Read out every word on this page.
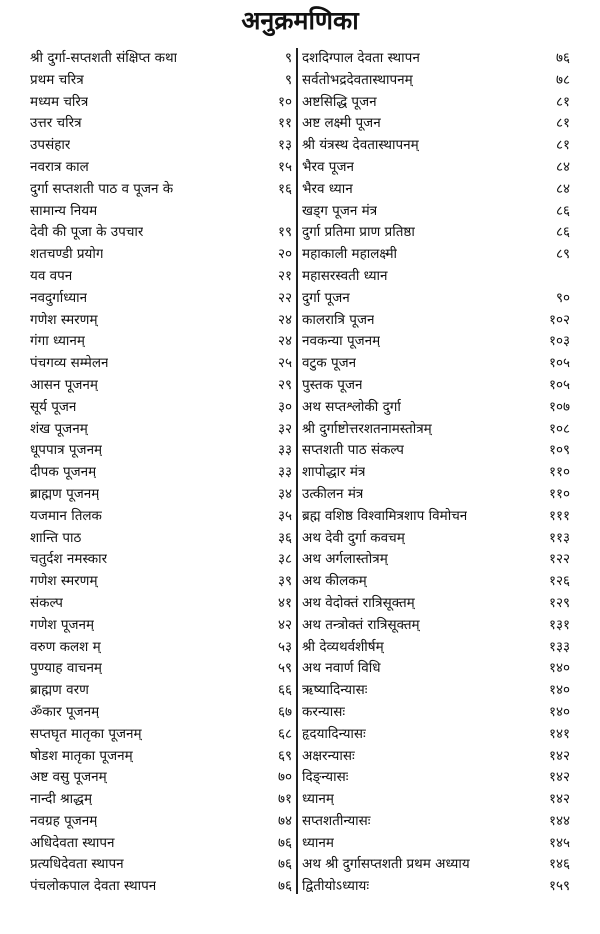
अनुक्रमणिका
श्री दुर्गा-सप्तशती संक्षिप्त कथा	९
प्रथम चरित्र	९
मध्यम चरित्र	१०
उत्तर चरित्र	११
उपसंहार	१३
नवरात्र काल	१५
दुर्गा सप्तशती पाठ व पूजन के	१६
सामान्य नियम
देवी की पूजा के उपचार	१९
शतचण्डी प्रयोग	२०
यव वपन	२१
नवदुर्गाध्यान	२२
गणेश स्मरणम्	२४
गंगा ध्यानम्	२४
पंचगव्य सम्मेलन	२५
आसन पूजनम्	२९
सूर्य पूजन	३०
शंख पूजनम्	३२
धूपपात्र पूजनम्	३३
दीपक पूजनम्	३३
ब्राह्मण पूजनम्	३४
यजमान तिलक	३५
शान्ति पाठ	३६
चतुर्दश नमस्कार	३८
गणेश स्मरणम्	३९
संकल्प	४१
गणेश पूजनम्	४२
वरुण कलश म्	५३
पुण्याह वाचनम्	५९
ब्राह्मण वरण	६६
ॐकार पूजनम्	६७
सप्तघृत मातृका पूजनम्	६८
षोडश मातृका पूजनम्	६९
अष्ट वसु पूजनम्	७०
नान्दी श्राद्धम्	७१
नवग्रह पूजनम्	७४
अधिदेवता स्थापन	७६
प्रत्यधिदेवता स्थापन	७६
पंचलोकपाल देवता स्थापन	७६
दशदिग्पाल देवता स्थापन	७६
सर्वतोभद्रदेवतास्थापनम्	७८
अष्टसिद्धि पूजन	८१
अष्ट लक्ष्मी पूजन	८१
श्री यंत्रस्थ देवतास्थापनम्	८१
भैरव पूजन	८४
भैरव ध्यान	८४
खड्ग पूजन मंत्र	८६
दुर्गा प्रतिमा प्राण प्रतिष्ठा	८६
महाकाली महालक्ष्मी	८९
महासरस्वती ध्यान
दुर्गा पूजन	९०
कालरात्रि पूजन	१०२
नवकन्या पूजनम्	१०३
वटुक पूजन	१०५
पुस्तक पूजन	१०५
अथ सप्तश्लोकी दुर्गा	१०७
श्री दुर्गाष्टोत्तरशतनामस्तोत्रम्	१०८
सप्तशती पाठ संकल्प	१०९
शापोद्धार मंत्र	११०
उत्कीलन मंत्र	११०
ब्रह्म वशिष्ठ विश्वामित्रशाप विमोचन	१११
अथ देवी दुर्गा कवचम्	११३
अथ अर्गलास्तोत्रम्	१२२
अथ कीलकम्	१२६
अथ वेदोक्तं रात्रिसूक्तम्	१२९
अथ तन्त्रोक्तं रात्रिसूक्तम्	१३१
श्री देव्यथर्वशीर्षम्	१३३
अथ नवार्ण विधि	१४०
ऋष्यादिन्यासः	१४०
करन्यासः	१४०
हृदयादिन्यासः	१४१
अक्षरन्यासः	१४२
दिङ्न्यासः	१४२
ध्यानम्	१४२
सप्तशतीन्यासः	१४४
ध्यानम	१४५
अथ श्री दुर्गासप्तशती प्रथम अध्याय	१४६
द्वितीयोऽध्यायः	१५९
